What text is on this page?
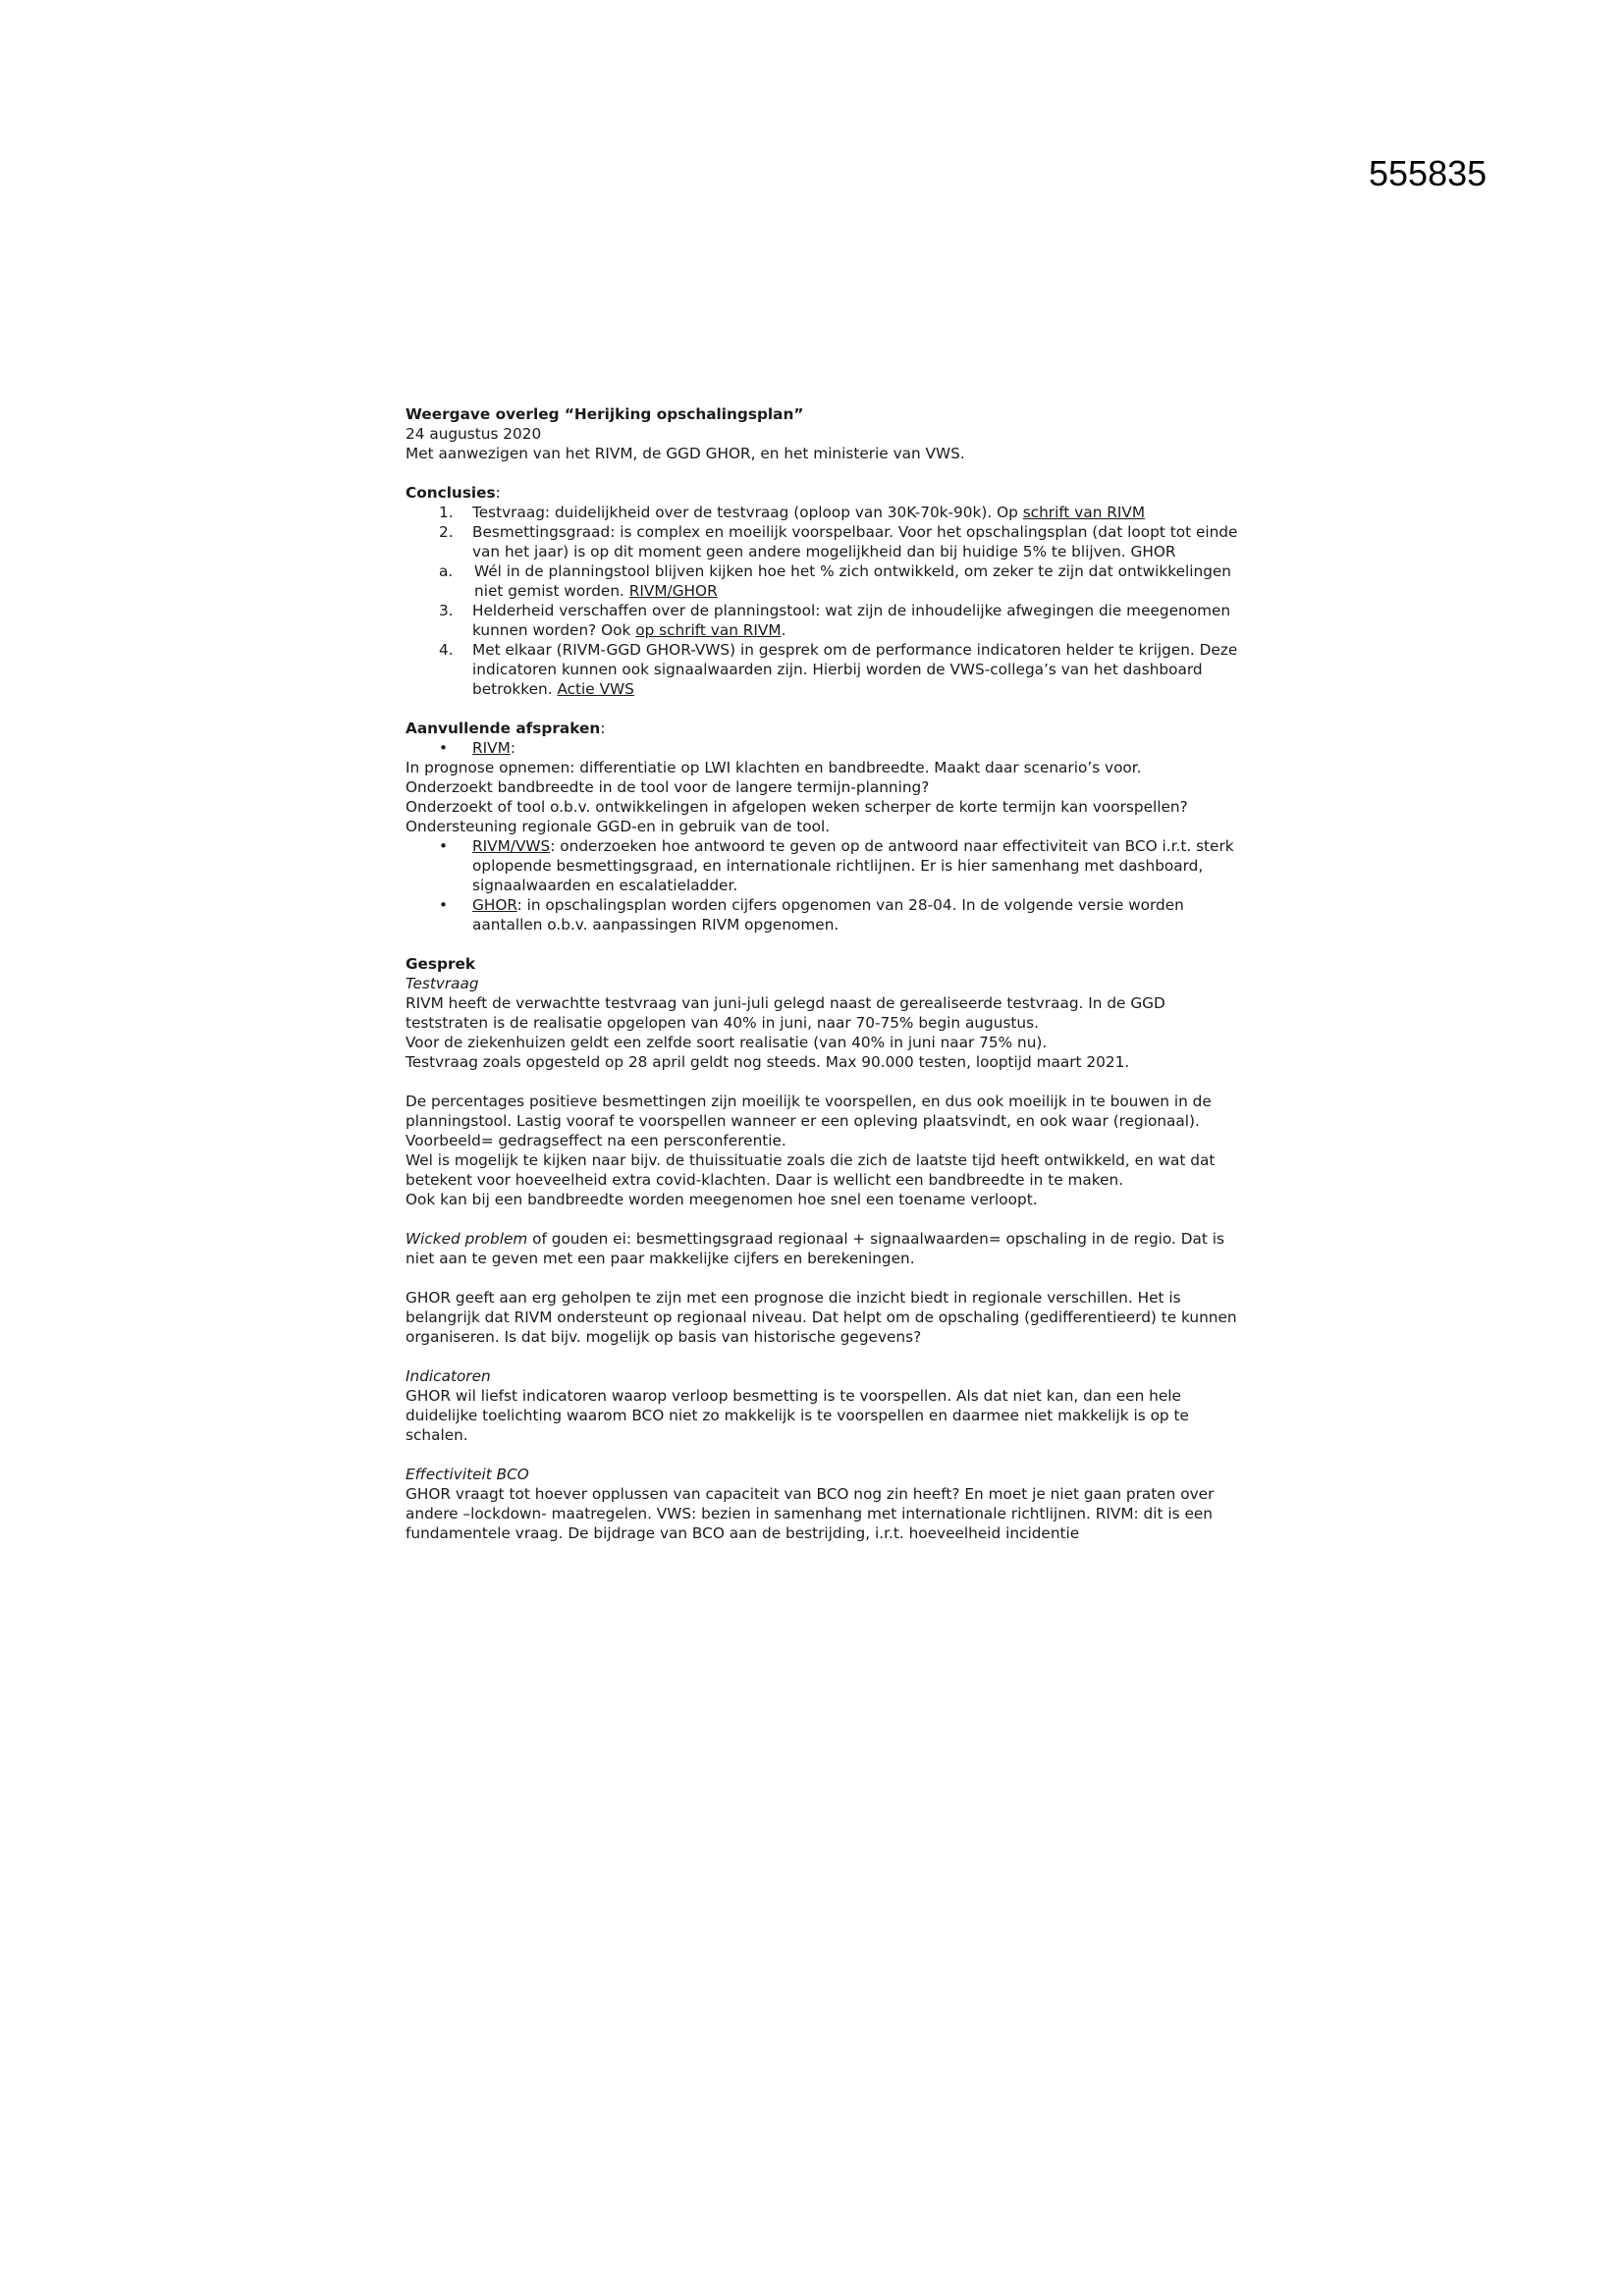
555835

Weergave overleg “Herijking opschalingsplan”

24 augustus 2020

Met aanwezigen van het RIVM, de GGD GHOR, en het ministerie van VWS.

Conclusies:

1.	Testvraag: duidelijkheid over de testvraag (oploop van 30K-70k-90k). Op schrift van RIVM
2.	Besmettingsgraad: is complex en moeilijk voorspelbaar. Voor het opschalingsplan (dat loopt tot einde van het jaar) is op dit moment geen andere mogelijkheid dan bij huidige 5% te blijven. GHOR
a.	Wél in de planningstool blijven kijken hoe het % zich ontwikkeld, om zeker te zijn dat ontwikkelingen niet gemist worden. RIVM/GHOR
3.	Helderheid verschaffen over de planningstool: wat zijn de inhoudelijke afwegingen die meegenomen kunnen worden? Ook op schrift van RIVM.
4.	Met elkaar (RIVM-GGD GHOR-VWS) in gesprek om de performance indicatoren helder te krijgen. Deze indicatoren kunnen ook signaalwaarden zijn. Hierbij worden de VWS-collega’s van het dashboard betrokken. Actie VWS

Aanvullende afspraken:

•	RIVM:

In prognose opnemen: differentiatie op LWI klachten en bandbreedte. Maakt daar scenario’s voor.

Onderzoekt bandbreedte in de tool voor de langere termijn-planning?

Onderzoekt of tool o.b.v. ontwikkelingen in afgelopen weken scherper de korte termijn kan voorspellen?

Ondersteuning regionale GGD-en in gebruik van de tool.

•	RIVM/VWS: onderzoeken hoe antwoord te geven op de antwoord naar effectiviteit van BCO i.r.t. sterk oplopende besmettingsgraad, en internationale richtlijnen. Er is hier samenhang met dashboard, signaalwaarden en escalatieladder.
•	GHOR: in opschalingsplan worden cijfers opgenomen van 28-04. In de volgende versie worden aantallen o.b.v. aanpassingen RIVM opgenomen.

Gesprek

Testvraag

RIVM heeft de verwachtte testvraag van juni-juli gelegd naast de gerealiseerde testvraag. In de GGD teststraten is de realisatie opgelopen van 40% in juni, naar 70-75% begin augustus.

Voor de ziekenhuizen geldt een zelfde soort realisatie (van 40% in juni naar 75% nu).

Testvraag zoals opgesteld op 28 april geldt nog steeds. Max 90.000 testen, looptijd maart 2021.

De percentages positieve besmettingen zijn moeilijk te voorspellen, en dus ook moeilijk in te bouwen in de planningstool. Lastig vooraf te voorspellen wanneer er een opleving plaatsvindt, en ook waar (regionaal). Voorbeeld= gedragseffect na een persconferentie.

Wel is mogelijk te kijken naar bijv. de thuissituatie zoals die zich de laatste tijd heeft ontwikkeld, en wat dat betekent voor hoeveelheid extra covid-klachten. Daar is wellicht een bandbreedte in te maken.

Ook kan bij een bandbreedte worden meegenomen hoe snel een toename verloopt.

Wicked problem of gouden ei: besmettingsgraad regionaal + signaalwaarden= opschaling in de regio. Dat is niet aan te geven met een paar makkelijke cijfers en berekeningen.

GHOR geeft aan erg geholpen te zijn met een prognose die inzicht biedt in regionale verschillen. Het is belangrijk dat RIVM ondersteunt op regionaal niveau. Dat helpt om de opschaling (gedifferentieerd) te kunnen organiseren. Is dat bijv. mogelijk op basis van historische gegevens?

Indicatoren

GHOR wil liefst indicatoren waarop verloop besmetting is te voorspellen. Als dat niet kan, dan een hele duidelijke toelichting waarom BCO niet zo makkelijk is te voorspellen en daarmee niet makkelijk is op te schalen.

Effectiviteit BCO

GHOR vraagt tot hoever opplussen van capaciteit van BCO nog zin heeft? En moet je niet gaan praten over andere –lockdown- maatregelen. VWS: bezien in samenhang met internationale richtlijnen. RIVM: dit is een fundamentele vraag. De bijdrage van BCO aan de bestrijding, i.r.t. hoeveelheid incidentie
